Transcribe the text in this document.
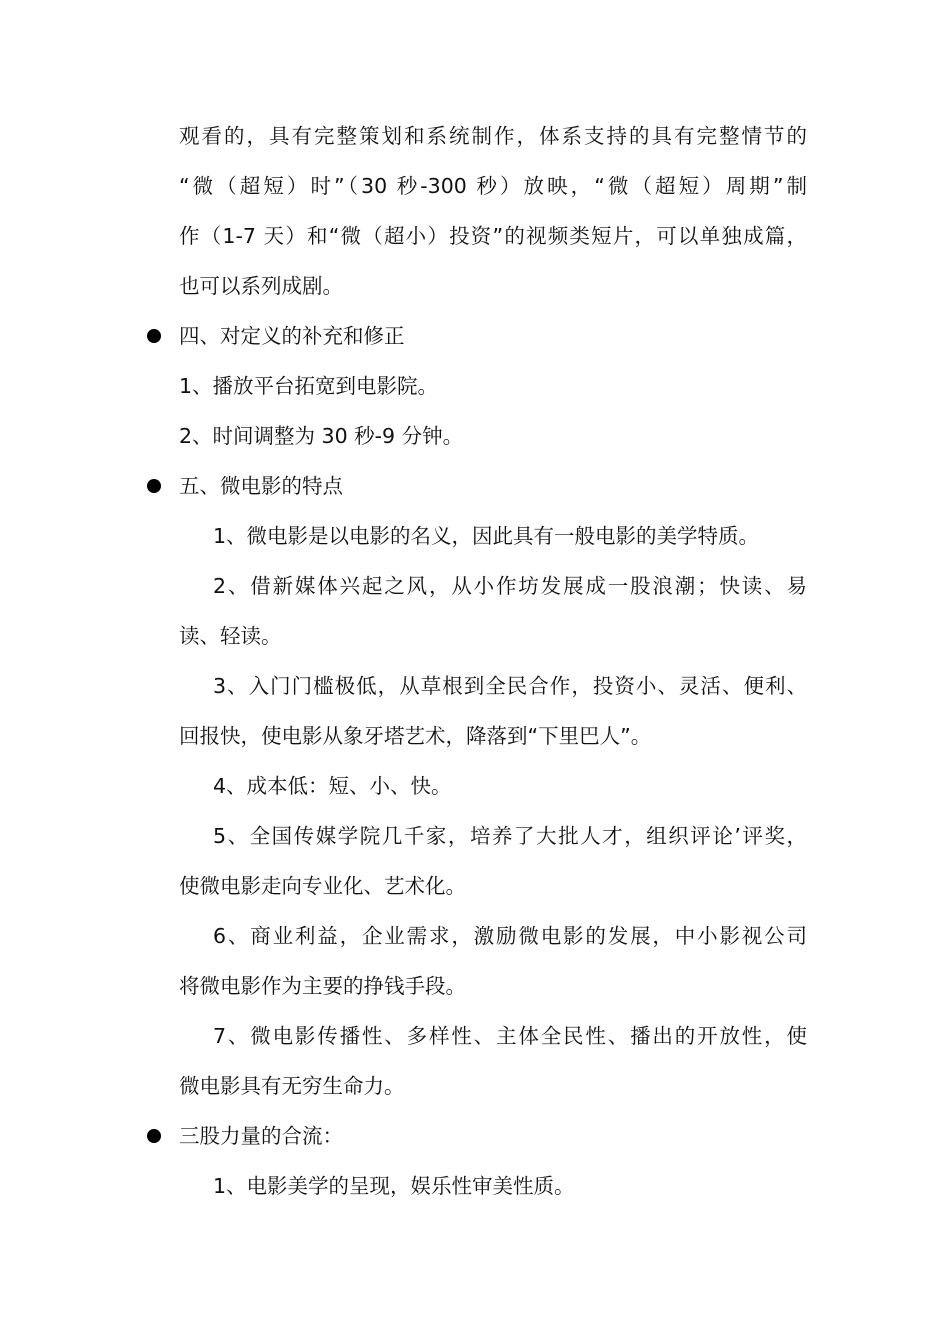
观看的，具有完整策划和系统制作，体系支持的具有完整情节的
“微（超短）时”（30 秒-300 秒）放映，“微（超短）周期”制
作（1-7 天）和“微（超小）投资”的视频类短片，可以单独成篇，
也可以系列成剧。
四、对定义的补充和修正
1、播放平台拓宽到电影院。
2、时间调整为 30 秒-9 分钟。
五、微电影的特点
1、微电影是以电影的名义，因此具有一般电影的美学特质。
2、借新媒体兴起之风，从小作坊发展成一股浪潮；快读、易
读、轻读。
3、入门门槛极低，从草根到全民合作，投资小、灵活、便利、
回报快，使电影从象牙塔艺术，降落到“下里巴人”。
4、成本低：短、小、快。
5、全国传媒学院几千家，培养了大批人才，组织评论’评奖，
使微电影走向专业化、艺术化。
6、商业利益，企业需求，激励微电影的发展，中小影视公司
将微电影作为主要的挣钱手段。
7、微电影传播性、多样性、主体全民性、播出的开放性，使
微电影具有无穷生命力。
三股力量的合流：
1、电影美学的呈现，娱乐性审美性质。
